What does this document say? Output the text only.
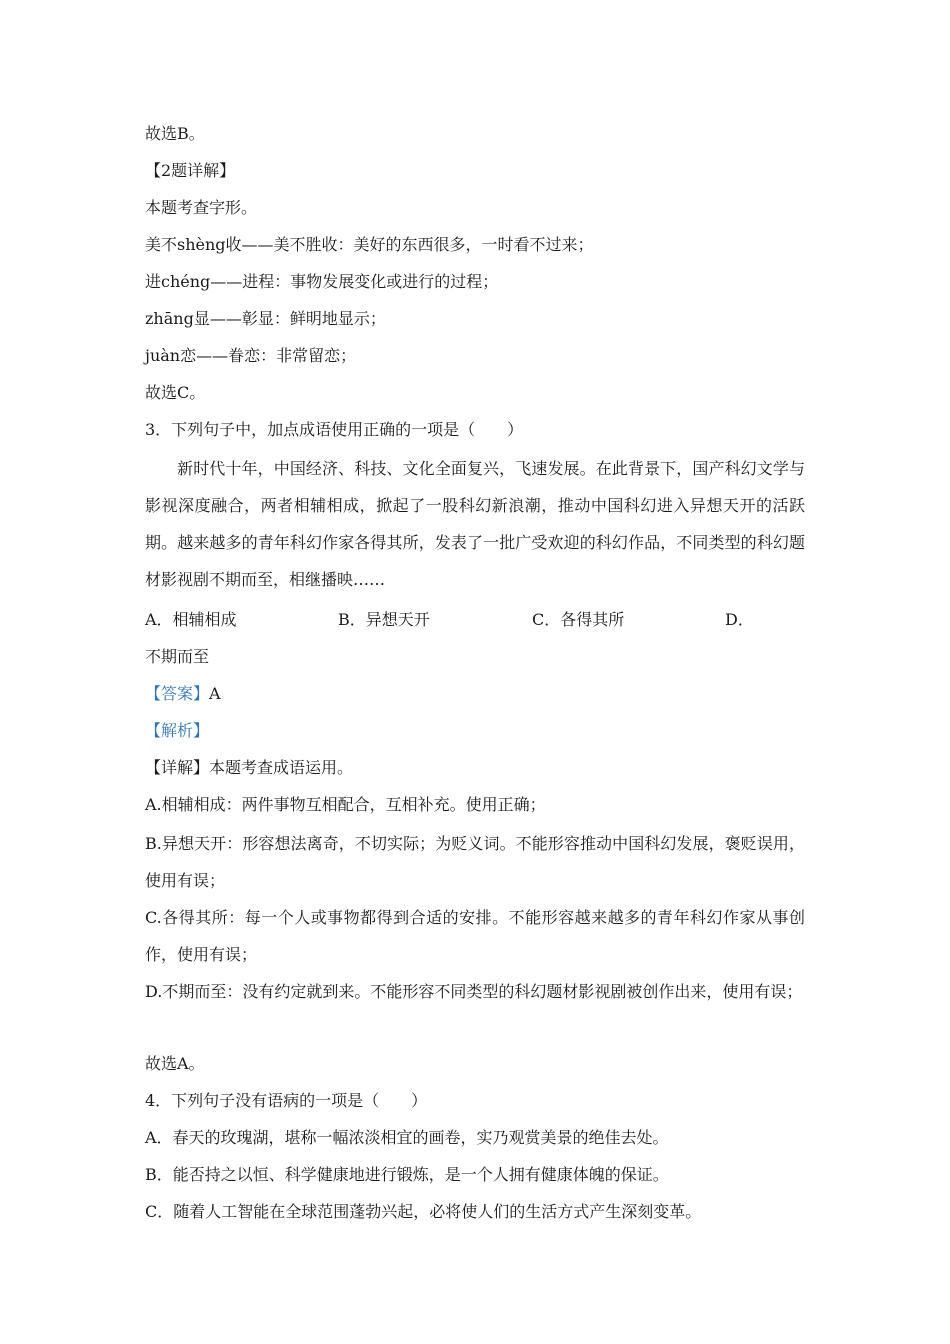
故选B。
【2题详解】
本题考查字形。
美不shèng收——美不胜收：美好的东西很多，一时看不过来；
进chéng——进程：事物发展变化或进行的过程；
zhāng显——彰显：鲜明地显示；
juàn恋——眷恋：非常留恋；
故选C。
3．下列句子中，加点成语使用正确的一项是（　　）
新时代十年，中国经济、科技、文化全面复兴，飞速发展。在此背景下，国产科幻文学与影视深度融合，两者相辅相成，掀起了一股科幻新浪潮，推动中国科幻进入异想天开的活跃期。越来越多的青年科幻作家各得其所，发表了一批广受欢迎的科幻作品，不同类型的科幻题材影视剧不期而至，相继播映……
A．相辅相成	B．异想天开	C．各得其所	D．
不期而至
【答案】A
【解析】
【详解】本题考查成语运用。
A.相辅相成：两件事物互相配合，互相补充。使用正确；
B.异想天开：形容想法离奇，不切实际；为贬义词。不能形容推动中国科幻发展，褒贬误用，使用有误；
C.各得其所：每一个人或事物都得到合适的安排。不能形容越来越多的青年科幻作家从事创作，使用有误；
D.不期而至：没有约定就到来。不能形容不同类型的科幻题材影视剧被创作出来，使用有误；
故选A。
4．下列句子没有语病的一项是（　　）
A．春天的玫瑰湖，堪称一幅浓淡相宜的画卷，实乃观赏美景的绝佳去处。
B．能否持之以恒、科学健康地进行锻炼，是一个人拥有健康体魄的保证。
C．随着人工智能在全球范围蓬勃兴起，必将使人们的生活方式产生深刻变革。
